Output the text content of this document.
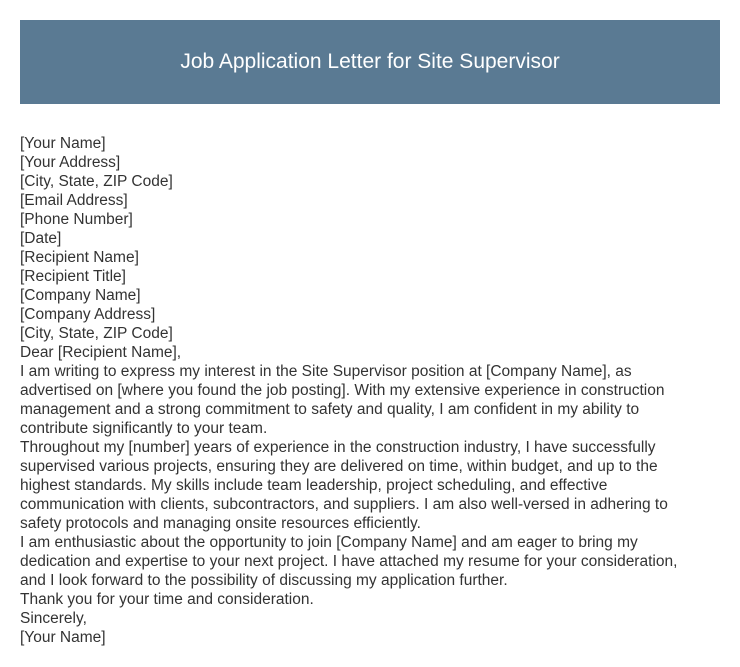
Job Application Letter for Site Supervisor
[Your Name]
[Your Address]
[City, State, ZIP Code]
[Email Address]
[Phone Number]
[Date]
[Recipient Name]
[Recipient Title]
[Company Name]
[Company Address]
[City, State, ZIP Code]
Dear [Recipient Name],
I am writing to express my interest in the Site Supervisor position at [Company Name], as
advertised on [where you found the job posting]. With my extensive experience in construction
management and a strong commitment to safety and quality, I am confident in my ability to
contribute significantly to your team.
Throughout my [number] years of experience in the construction industry, I have successfully
supervised various projects, ensuring they are delivered on time, within budget, and up to the
highest standards. My skills include team leadership, project scheduling, and effective
communication with clients, subcontractors, and suppliers. I am also well-versed in adhering to
safety protocols and managing onsite resources efficiently.
I am enthusiastic about the opportunity to join [Company Name] and am eager to bring my
dedication and expertise to your next project. I have attached my resume for your consideration,
and I look forward to the possibility of discussing my application further.
Thank you for your time and consideration.
Sincerely,
[Your Name]
